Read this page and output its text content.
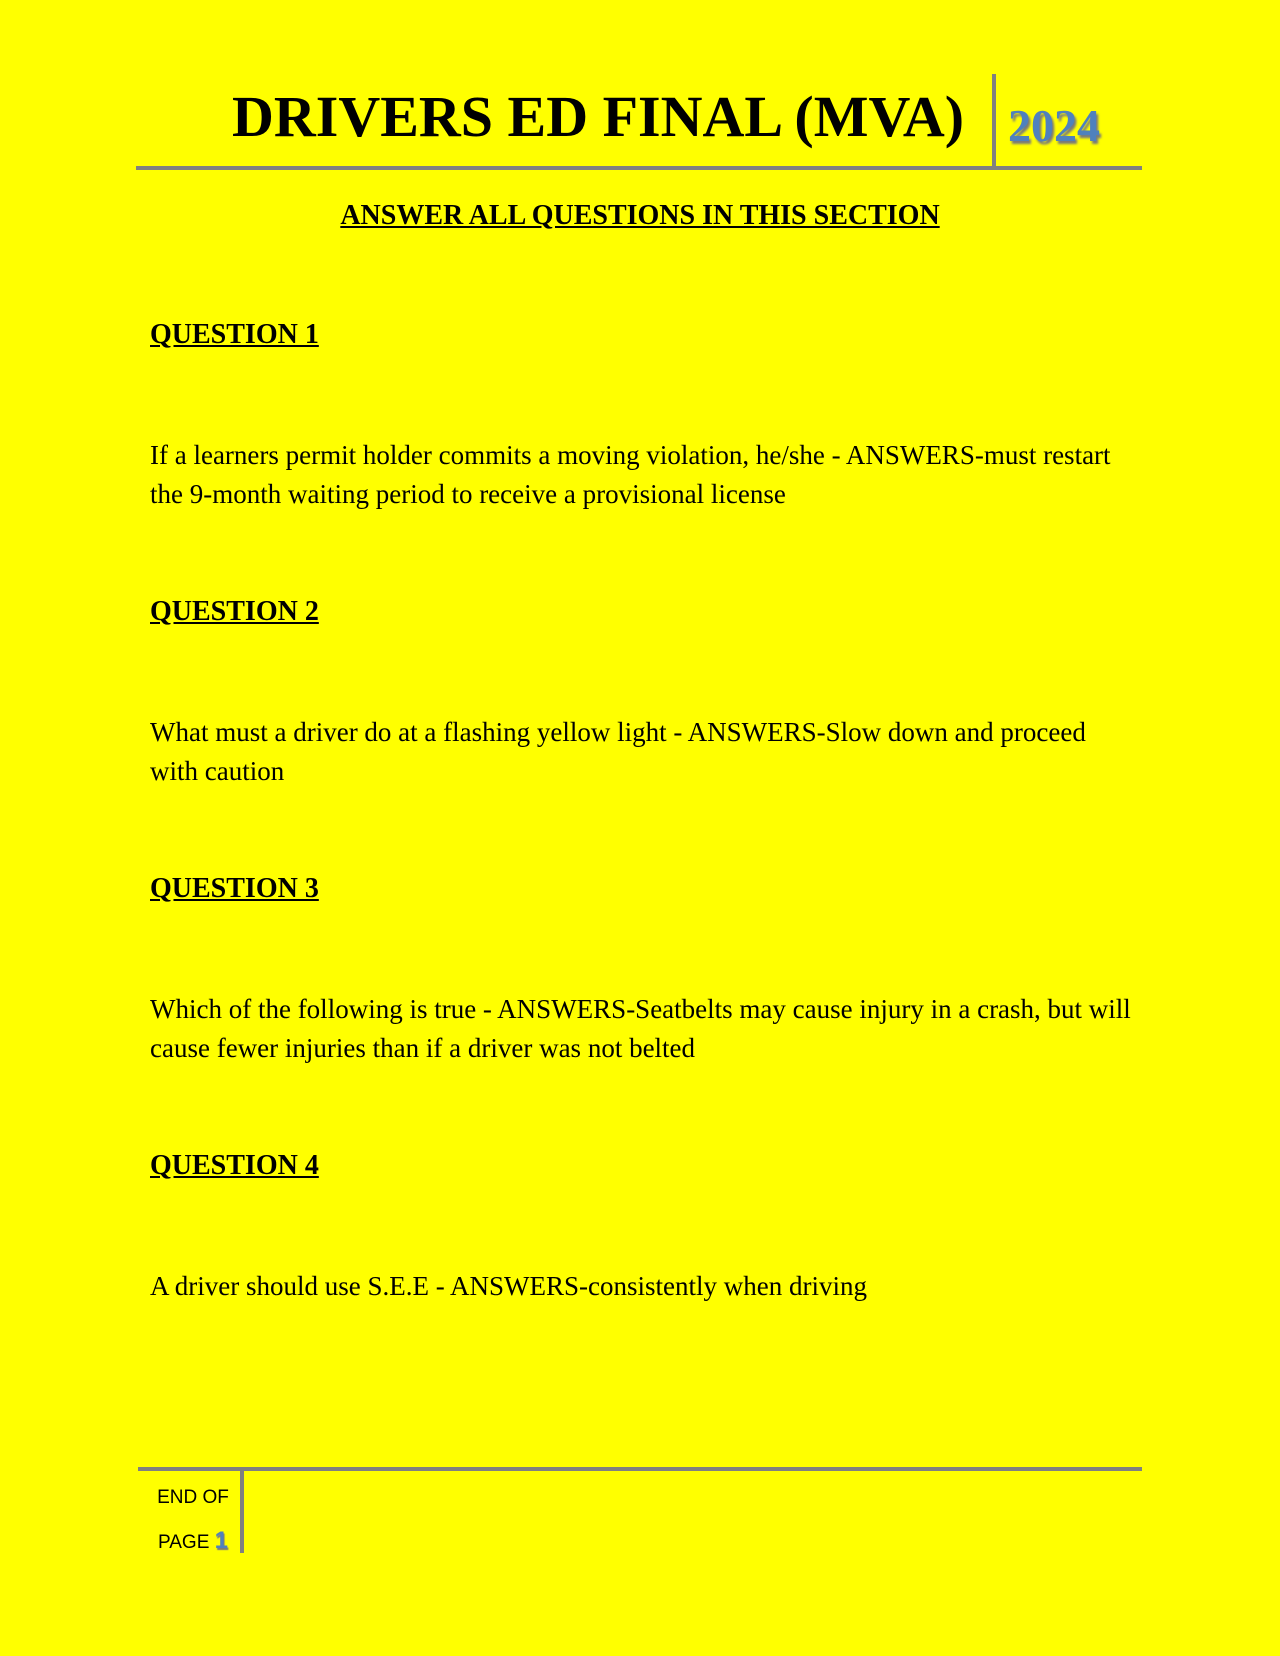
DRIVERS ED FINAL (MVA) 2024
ANSWER ALL QUESTIONS IN THIS SECTION
QUESTION 1
If a learners permit holder commits a moving violation, he/she - ANSWERS-must restart the 9-month waiting period to receive a provisional license
QUESTION 2
What must a driver do at a flashing yellow light - ANSWERS-Slow down and proceed with caution
QUESTION 3
Which of the following is true - ANSWERS-Seatbelts may cause injury in a crash, but will cause fewer injuries than if a driver was not belted
QUESTION 4
A driver should use S.E.E - ANSWERS-consistently when driving
END OF
PAGE 1
